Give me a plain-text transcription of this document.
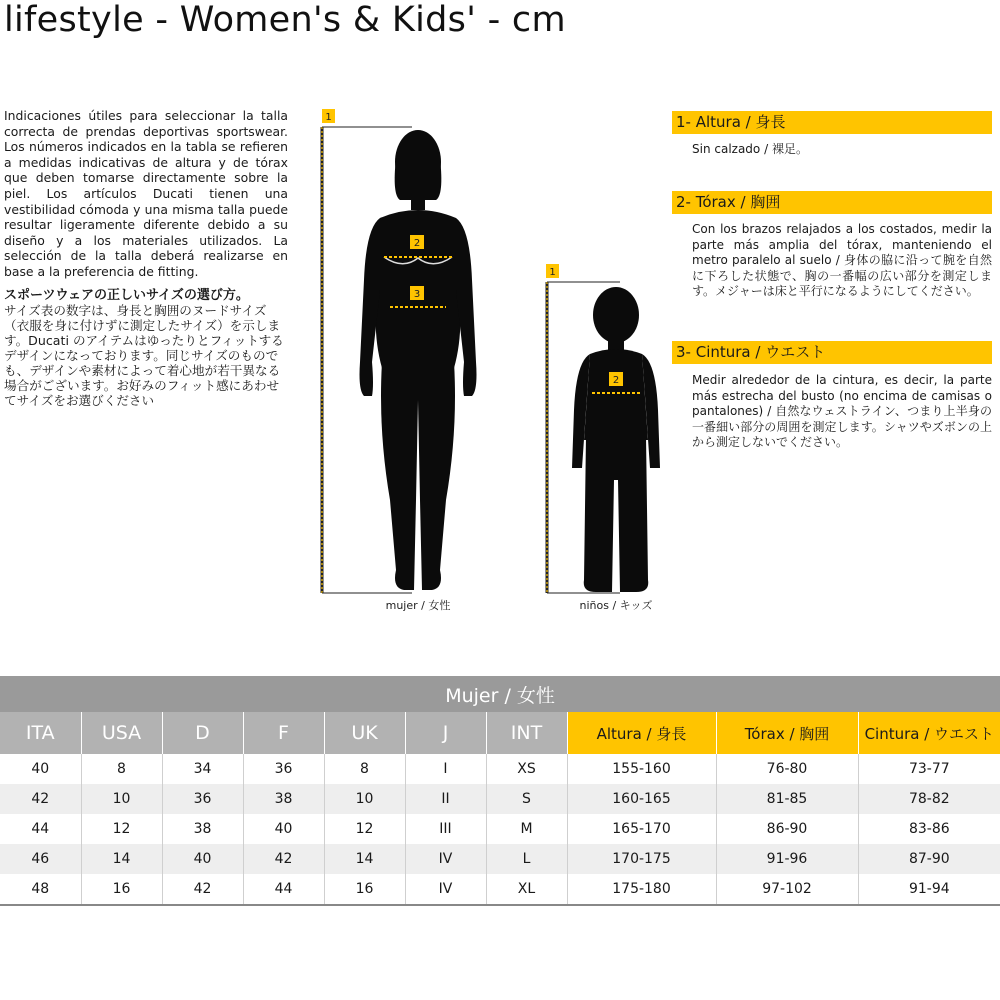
lifestyle - Women's & Kids' - cm

Indicaciones útiles para seleccionar la talla correcta de prendas deportivas sportswear. Los números indicados en la tabla se refieren a medidas indicativas de altura y de tórax que deben tomarse directamente sobre la piel. Los artículos Ducati tienen una vestibilidad cómoda y una misma talla puede resultar ligeramente diferente debido a su diseño y a los materiales utilizados. La selección de la talla deberá realizarse en base a la preferencia de fitting.

スポーツウェアの正しいサイズの選び方。

サイズ表の数字は、身長と胸囲のヌードサイズ（衣服を身に付けずに測定したサイズ）を示します。Ducati のアイテムはゆったりとフィットするデザインになっております。同じサイズのものでも、デザインや素材によって着心地が若干異なる場合がございます。お好みのフィット感にあわせてサイズをお選びください

1
2
3
1
2
mujer / 女性	niños / キッズ
1- Altura / 身長
Sin calzado / 裸足。
2- Tórax / 胸囲
Con los brazos relajados a los costados, medir la parte más amplia del tórax, manteniendo el metro paralelo al suelo / 身体の脇に沿って腕を自然に下ろした状態で、胸の一番幅の広い部分を測定します。メジャーは床と平行になるようにしてください。
3- Cintura / ウエスト
Medir alrededor de la cintura, es decir, la parte más estrecha del busto (no encima de camisas o pantalones) / 自然なウェストライン、つまり上半身の一番細い部分の周囲を測定します。シャツやズボンの上から測定しないでください。
Mujer / 女性									
ITA	USA	D	F	UK	J	INT	Altura / 身長	Tórax / 胸囲	Cintura / ウエスト
40	8	34	36	8	I	XS	155-160	76-80	73-77
42	10	36	38	10	II	S	160-165	81-85	78-82
44	12	38	40	12	III	M	165-170	86-90	83-86
46	14	40	42	14	IV	L	170-175	91-96	87-90
48	16	42	44	16	IV	XL	175-180	97-102	91-94
